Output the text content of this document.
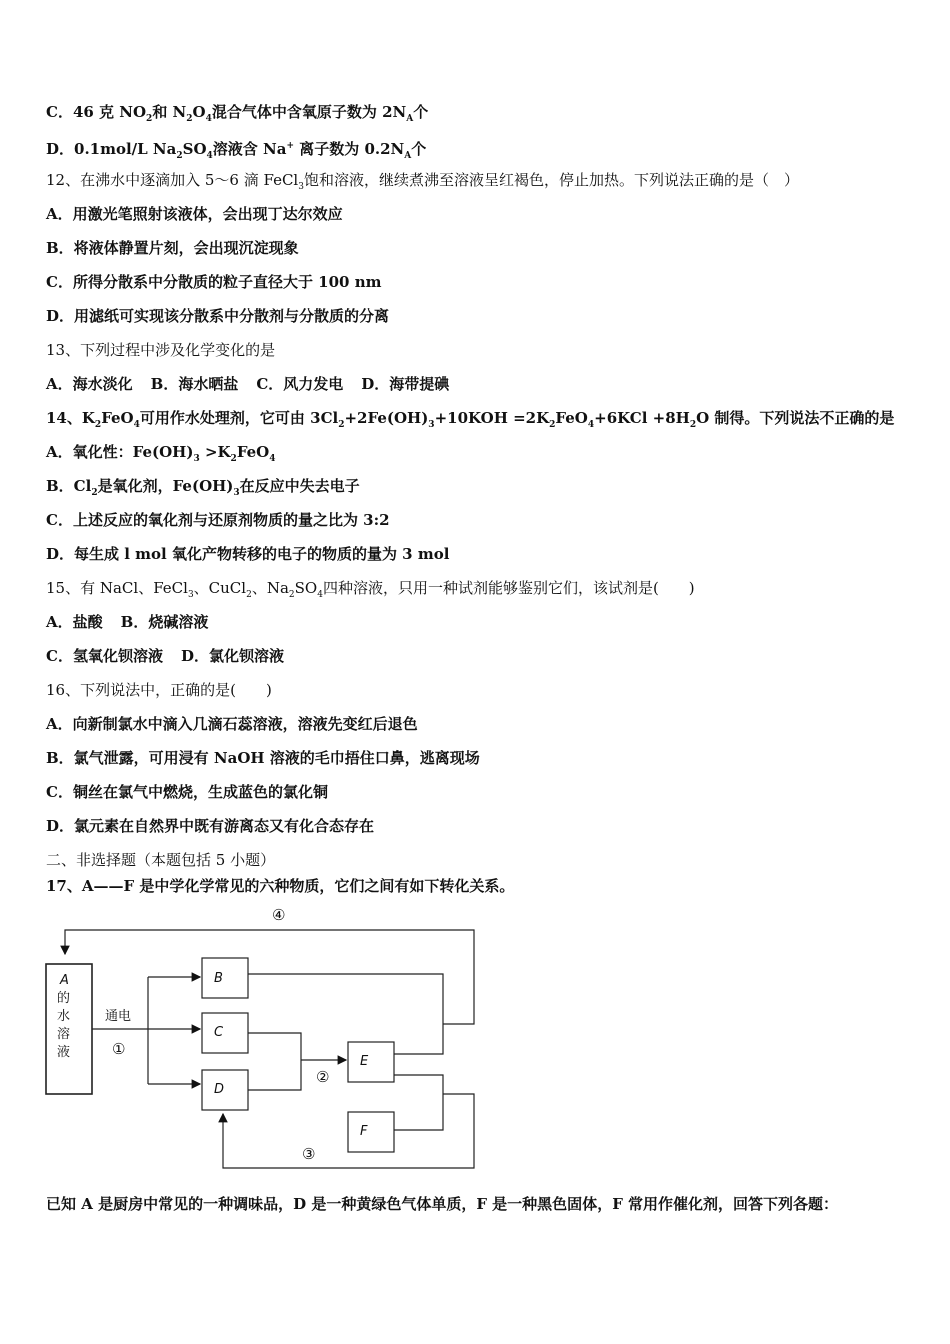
C．46 克 $NO_2$和 $N_2O_4$混合气体中含氧原子数为 $2N_A$个
D．0.1mol/L $Na_2SO_4$溶液含 Na+ 离子数为 $0.2N_A$个
12、在沸水中逐滴加入 5～6 滴 FeCl$_3$饱和溶液，继续煮沸至溶液呈红褐色，停止加热。下列说法正确的是（　）
A．用激光笔照射该液体，会出现丁达尔效应
B．将液体静置片刻，会出现沉淀现象
C．所得分散系中分散质的粒子直径大于 100 nm
D．用滤纸可实现该分散系中分散剂与分散质的分离
13、下列过程中涉及化学变化的是
A．海水淡化 B．海水晒盐 C．风力发电 D．海带提碘
14、$K_2FeO_4$可用作水处理剂，它可由 $3Cl_2+2Fe(OH)_3+10KOH =2K_2FeO_4+6KCl +8H_2O$ 制得。下列说法不正确的是
A．氧化性：$Fe(OH)_3 >K_2FeO_4$
B．$Cl_2$是氧化剂，$Fe(OH)_3$在反应中失去电子
C．上述反应的氧化剂与还原剂物质的量之比为 3:2
D．每生成 l mol 氧化产物转移的电子的物质的量为 3 mol
15、有 NaCl、FeCl$_3$、CuCl$_2$、$Na_2SO_4$四种溶液，只用一种试剂能够鉴别它们，该试剂是(　　)
A．盐酸 B．烧碱溶液
C．氢氧化钡溶液 D．氯化钡溶液
16、下列说法中，正确的是(　　)
A．向新制氯水中滴入几滴石蕊溶液，溶液先变红后退色
B．氯气泄露，可用浸有 NaOH 溶液的毛巾捂住口鼻，逃离现场
C．铜丝在氯气中燃烧，生成蓝色的氯化铜
D．氯元素在自然界中既有游离态又有化合态存在
二、非选择题（本题包括 5 小题）
17、A——F 是中学化学常见的六种物质，它们之间有如下转化关系。
A
的
水
溶
液
通电
①
②
③
④
B
C
D
E
F
已知 A 是厨房中常见的一种调味品，D 是一种黄绿色气体单质，F 是一种黑色固体，F 常用作催化剂，回答下列各题：
